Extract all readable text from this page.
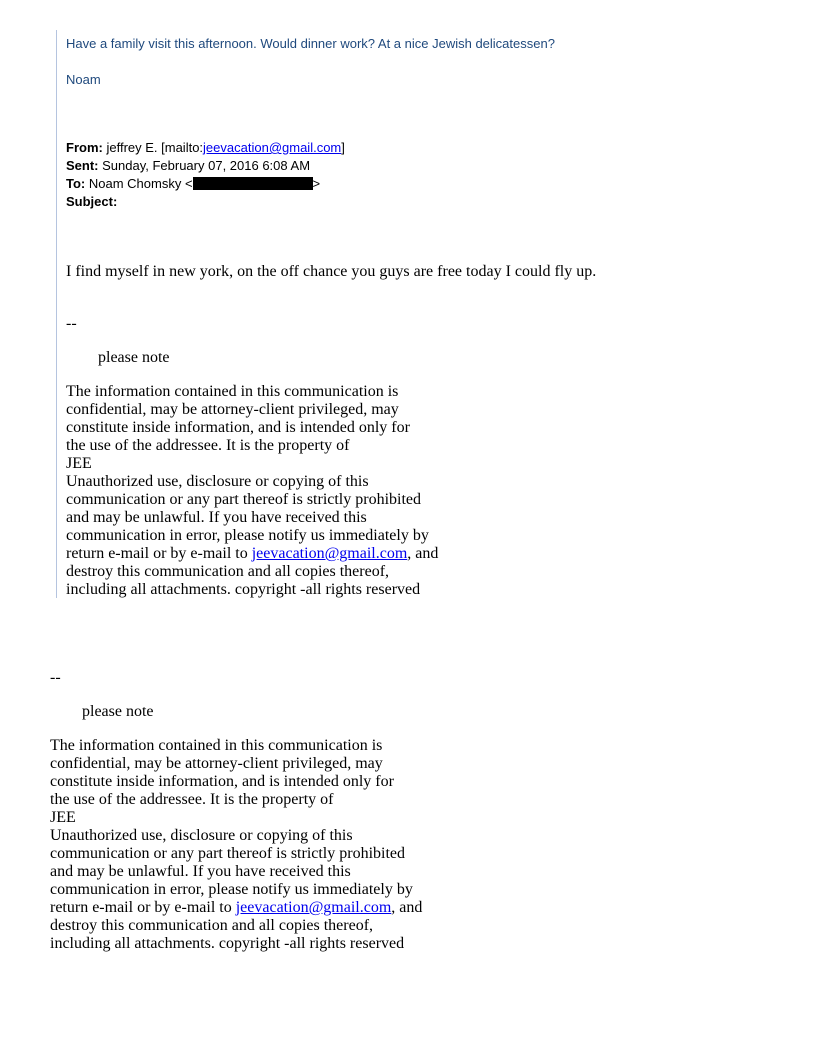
Have a family visit this afternoon. Would dinner work? At a nice Jewish delicatessen?
Noam
From: jeffrey E. [mailto:jeevacation@gmail.com]
Sent: Sunday, February 07, 2016 6:08 AM
To: Noam Chomsky <	>
Subject:
I find myself in new york, on the off chance you guys are free today I could fly up.
--
please note
The information contained in this communication is
confidential, may be attorney-client privileged, may
constitute inside information, and is intended only for
the use of the addressee. It is the property of
JEE
Unauthorized use, disclosure or copying of this
communication or any part thereof is strictly prohibited
and may be unlawful. If you have received this
communication in error, please notify us immediately by
return e-mail or by e-mail to jeevacation@gmail.com, and
destroy this communication and all copies thereof,
including all attachments. copyright -all rights reserved
--
please note
The information contained in this communication is
confidential, may be attorney-client privileged, may
constitute inside information, and is intended only for
the use of the addressee. It is the property of
JEE
Unauthorized use, disclosure or copying of this
communication or any part thereof is strictly prohibited
and may be unlawful. If you have received this
communication in error, please notify us immediately by
return e-mail or by e-mail to jeevacation@gmail.com, and
destroy this communication and all copies thereof,
including all attachments. copyright -all rights reserved
